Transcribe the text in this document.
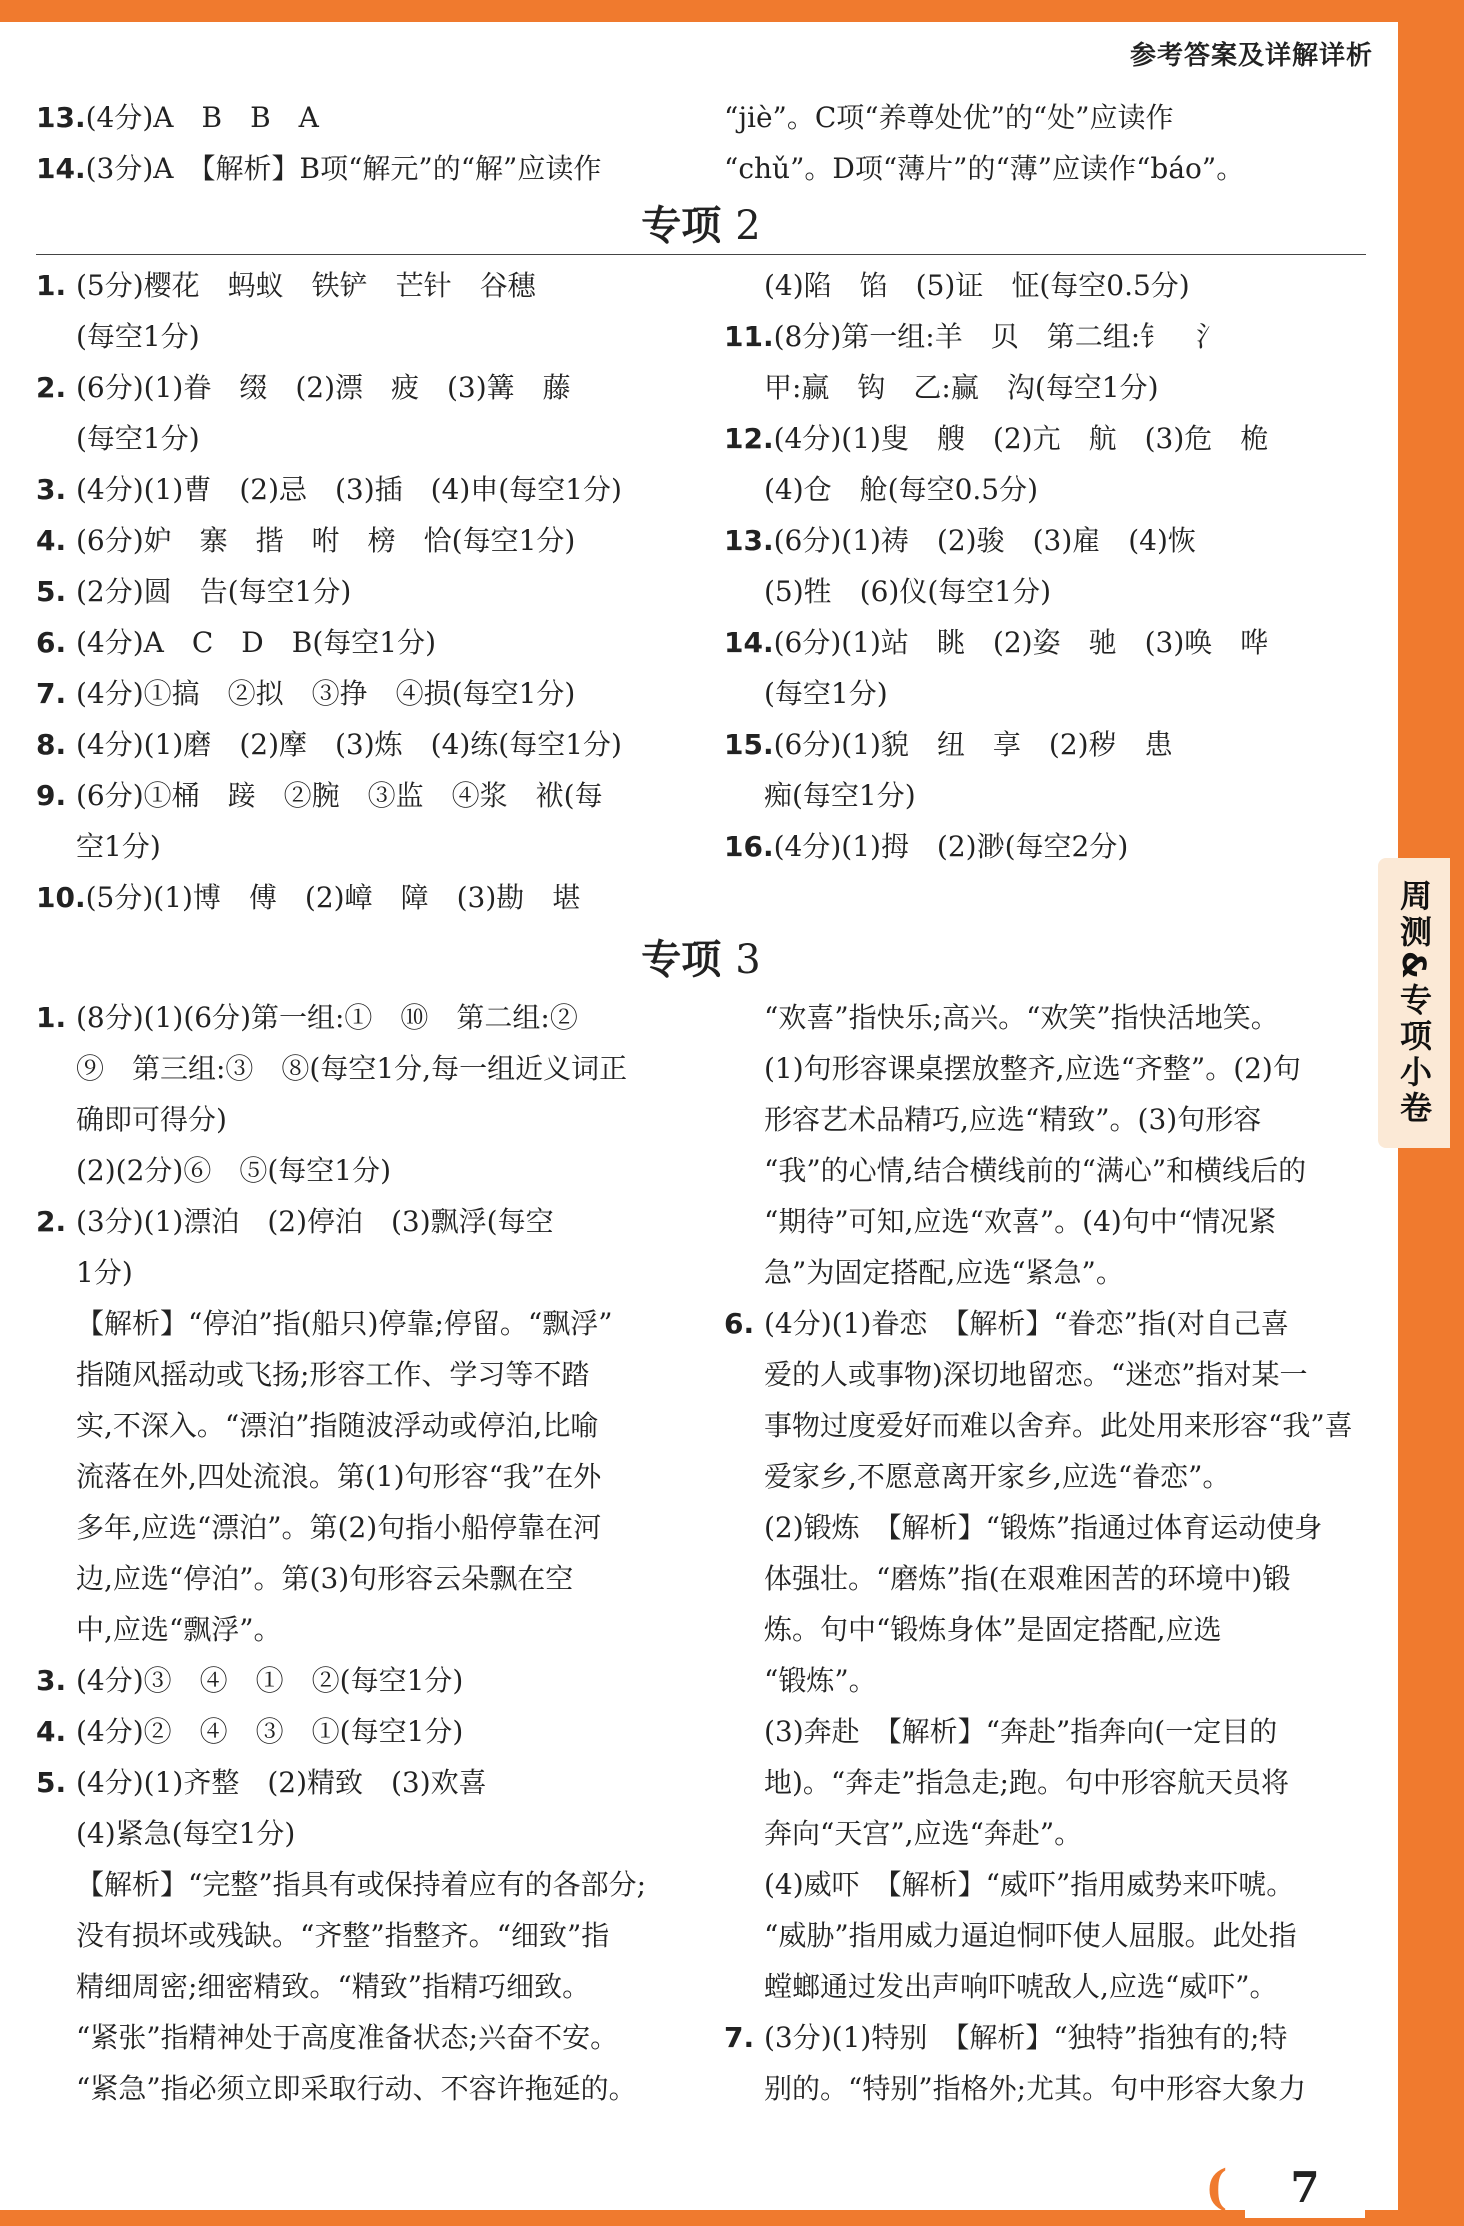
参考答案及详解详析
周测&专项小卷
(	7
13.(4分)A　B　B　A
14.(3分)A　【解析】B项“解元”的“解”应读作
“jiè”。C项“养尊处优”的“处”应读作
“chǔ”。D项“薄片”的“薄”应读作“báo”。
专项 2
1. (5分)樱花　蚂蚁　铁铲　芒针　谷穗
(每空1分)
2. (6分)(1)眷　缀　(2)漂　疲　(3)篝　藤
(每空1分)
3. (4分)(1)曹　(2)忌　(3)插　(4)申(每空1分)
4. (6分)妒　寨　揩　咐　榜　恰(每空1分)
5. (2分)圆　告(每空1分)
6. (4分)A　C　D　B(每空1分)
7. (4分)①搞　②拟　③挣　④损(每空1分)
8. (4分)(1)磨　(2)摩　(3)炼　(4)练(每空1分)
9. (6分)①桶　踥　②腕　③监　④浆　袱(每
空1分)
10.(5分)(1)博　傅　(2)嶂　障　(3)勘　堪
(4)陷　馅　(5)证　怔(每空0.5分)
11.(8分)第一组:羊　贝　第二组:钅　氵
甲:赢　钩　乙:赢　沟(每空1分)
12.(4分)(1)叟　艘　(2)亢　航　(3)危　桅
(4)仓　舱(每空0.5分)
13.(6分)(1)祷　(2)骏　(3)雇　(4)恢
(5)牲　(6)仪(每空1分)
14.(6分)(1)站　眺　(2)姿　驰　(3)唤　哗
(每空1分)
15.(6分)(1)貌　纽　享　(2)秽　患
痴(每空1分)
16.(4分)(1)拇　(2)渺(每空2分)
专项 3
1. (8分)(1)(6分)第一组:①　⑩　第二组:②
⑨　第三组:③　⑧(每空1分,每一组近义词正
确即可得分)
(2)(2分)⑥　⑤(每空1分)
2. (3分)(1)漂泊　(2)停泊　(3)飘浮(每空
1分)
【解析】“停泊”指(船只)停靠;停留。“飘浮”
指随风摇动或飞扬;形容工作、学习等不踏
实,不深入。“漂泊”指随波浮动或停泊,比喻
流落在外,四处流浪。第(1)句形容“我”在外
多年,应选“漂泊”。第(2)句指小船停靠在河
边,应选“停泊”。第(3)句形容云朵飘在空
中,应选“飘浮”。
3. (4分)③　④　①　②(每空1分)
4. (4分)②　④　③　①(每空1分)
5. (4分)(1)齐整　(2)精致　(3)欢喜
(4)紧急(每空1分)
【解析】“完整”指具有或保持着应有的各部分;
没有损坏或残缺。“齐整”指整齐。“细致”指
精细周密;细密精致。“精致”指精巧细致。
“紧张”指精神处于高度准备状态;兴奋不安。
“紧急”指必须立即采取行动、不容许拖延的。
“欢喜”指快乐;高兴。“欢笑”指快活地笑。
(1)句形容课桌摆放整齐,应选“齐整”。(2)句
形容艺术品精巧,应选“精致”。(3)句形容
“我”的心情,结合横线前的“满心”和横线后的
“期待”可知,应选“欢喜”。(4)句中“情况紧
急”为固定搭配,应选“紧急”。
6. (4分)(1)眷恋　【解析】“眷恋”指(对自己喜
爱的人或事物)深切地留恋。“迷恋”指对某一
事物过度爱好而难以舍弃。此处用来形容“我”喜
爱家乡,不愿意离开家乡,应选“眷恋”。
(2)锻炼　【解析】“锻炼”指通过体育运动使身
体强壮。“磨炼”指(在艰难困苦的环境中)锻
炼。句中“锻炼身体”是固定搭配,应选
“锻炼”。
(3)奔赴　【解析】“奔赴”指奔向(一定目的
地)。“奔走”指急走;跑。句中形容航天员将
奔向“天宫”,应选“奔赴”。
(4)威吓　【解析】“威吓”指用威势来吓唬。
“威胁”指用威力逼迫恫吓使人屈服。此处指
螳螂通过发出声响吓唬敌人,应选“威吓”。
7. (3分)(1)特别　【解析】“独特”指独有的;特
别的。“特别”指格外;尤其。句中形容大象力
